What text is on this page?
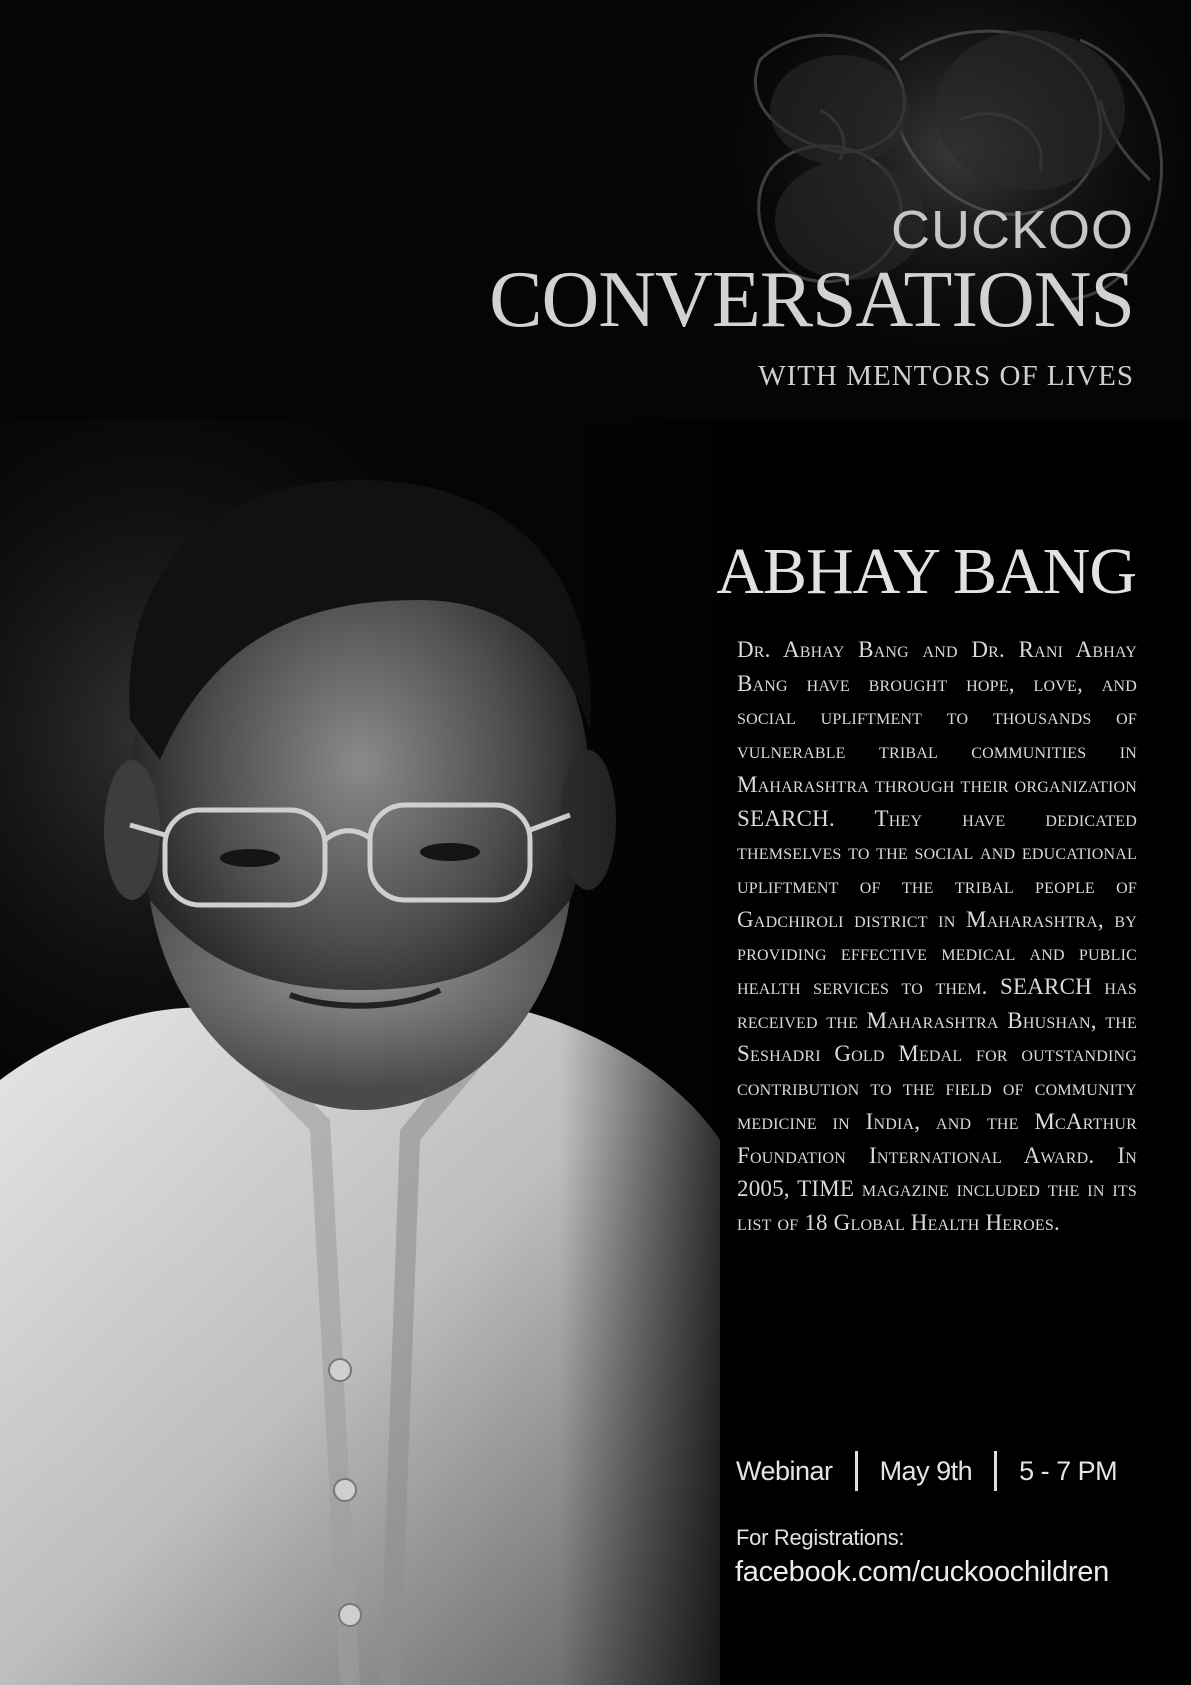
CUCKOO
CONVERSATIONS
WITH MENTORS OF LIVES
ABHAY BANG
Dr. Abhay Bang and Dr. Rani Abhay Bang have brought hope, love, and social upliftment to thousands of vulnerable tribal communities in Maharashtra through their organization SEARCH. They have dedicated themselves to the social and educational upliftment of the tribal people of Gadchiroli district in Maharashtra, by providing effective medical and public health services to them. SEARCH has received the Maharashtra Bhushan, the Seshadri Gold Medal for outstanding contribution to the field of community medicine in India, and the McArthur Foundation International Award. In 2005, TIME magazine included the in its list of 18 Global Health Heroes.
Webinar May 9th 5 - 7 PM
For Registrations:
facebook.com/cuckoochildren
